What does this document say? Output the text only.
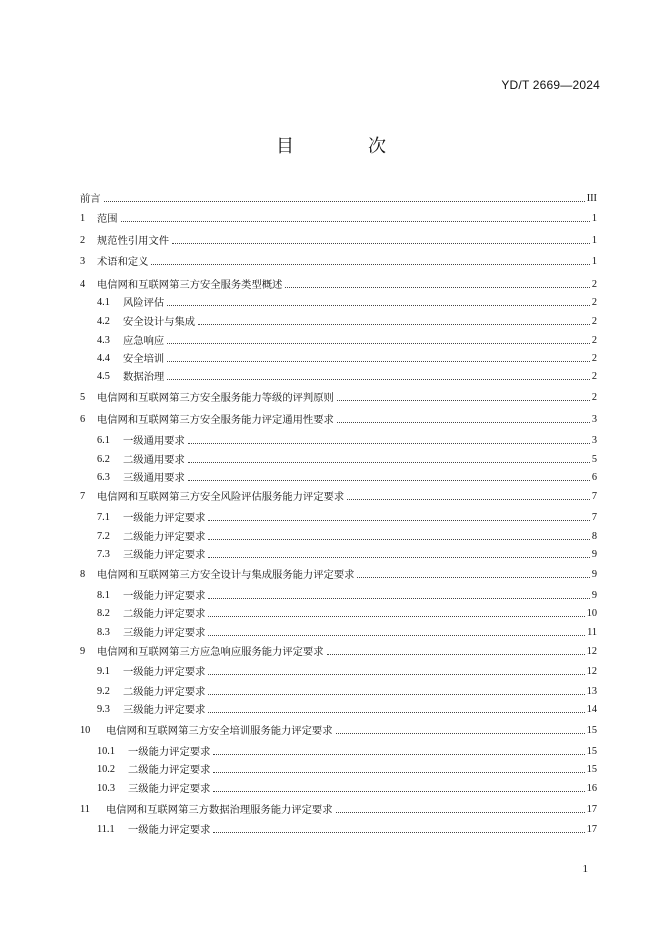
YD/T 2669—2024
目　次
前言	III
1	范围	1
2	规范性引用文件	1
3	术语和定义	1
4	电信网和互联网第三方安全服务类型概述	2
4.1	风险评估	2
4.2	安全设计与集成	2
4.3	应急响应	2
4.4	安全培训	2
4.5	数据治理	2
5	电信网和互联网第三方安全服务能力等级的评判原则	2
6	电信网和互联网第三方安全服务能力评定通用性要求	3
6.1	一级通用要求	3
6.2	二级通用要求	5
6.3	三级通用要求	6
7	电信网和互联网第三方安全风险评估服务能力评定要求	7
7.1	一级能力评定要求	7
7.2	二级能力评定要求	8
7.3	三级能力评定要求	9
8	电信网和互联网第三方安全设计与集成服务能力评定要求	9
8.1	一级能力评定要求	9
8.2	二级能力评定要求	10
8.3	三级能力评定要求	11
9	电信网和互联网第三方应急响应服务能力评定要求	12
9.1	一级能力评定要求	12
9.2	二级能力评定要求	13
9.3	三级能力评定要求	14
10	电信网和互联网第三方安全培训服务能力评定要求	15
10.1	一级能力评定要求	15
10.2	二级能力评定要求	15
10.3	三级能力评定要求	16
11	电信网和互联网第三方数据治理服务能力评定要求	17
11.1	一级能力评定要求	17
1
